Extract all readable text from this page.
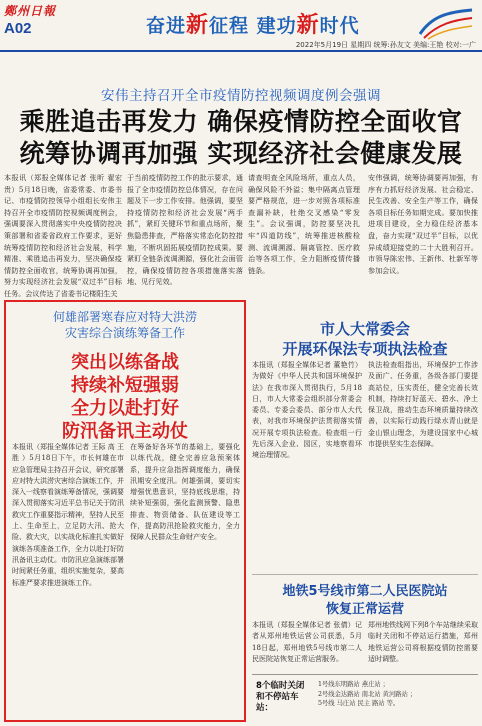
鄭州日報
A02	奋进新征程 建功新时代
2022年5月19日 星期四 统筹:孙友文 美编:王艳 校对:一广
安伟主持召开全市疫情防控视频调度例会强调
乘胜追击再发力 确保疫情防控全面收官
统筹协调再加强 实现经济社会健康发展
本报讯（郑报全媒体记者 张昕 翟宏贵）5月18日晚，省委常委、市委书记、市疫情防控领导小组组长安伟主持召开全市疫情防控视频调度例会，强调要深入贯彻落实中央疫情防控决策部署和省委省政府工作要求，更好统筹疫情防控和经济社会发展，科学精准、乘胜追击再发力，坚决确保疫情防控全面收官，统筹协调再加强，努力实现经济社会发展“双过半”目标任务。会议传达了省委书记楼阳生关
于当前疫情防控工作的批示要求，通报了全市疫情防控总体情况，存在问题及下一步工作安排。他强调，要坚持疫情防控和经济社会发展“两手抓”，紧盯关键环节和重点场所，聚焦隐患排查，严格落实常态化防控措施，不断巩固拓展疫情防控成果。要紧盯全链条流调溯源，强化社会面管控，确保疫情防控各项措施落实落地、见行见效。
请查明查全风险场所，重点人员，确保风险不外溢；集中隔离点管理要严格规范，进一步对照各项标准查漏补缺，杜绝交叉感染“零发生”。会议强调，防控要坚决扎牢“四道防线”，统筹推进核酸检测、流调溯源、隔离管控、医疗救治等各项工作，全力阻断疫情传播链条。
安伟强调，统筹协调要再加强，有序有力抓好经济发展、社会稳定、民生改善、安全生产等工作，确保各项目标任务如期完成。要加快推进项目建设，全力稳住经济基本盘，奋力实现“双过半”目标，以优异成绩迎接党的二十大胜利召开。市领导陈宏伟、王新伟、杜新军等参加会议。
何雄部署寒春应对特大洪涝
灾害综合演练筹备工作
突出以练备战
持续补短强弱
全力以赴打好
防汛备讯主动仗
本报讯（郑报全媒体记者 王际 高 王胜 ）5月18日下午，市长何雄在市应急管理局主持召开会议，研究部署应对特大洪涝灾害综合演练工作，并深入一线察看演练筹备情况，强调要深入贯彻落实习近平总书记关于防汛救灾工作重要指示精神，坚持人民至上、生命至上，立足防大汛、抢大险、救大灾，以实战化标准扎实做好演练各项准备工作，全力以赴打好防汛备讯主动仗。市防汛应急演练部署时间紧任务重，组织实施复杂，要高标准严要求推进演练工作。
在筹备好各环节的基础上，要强化以练代战，健全完善应急预案体系，提升应急指挥调度能力，确保汛期安全度汛。何雄强调，要切实增强忧患意识，坚持底线思维，持续补短强弱，强化监测预警、隐患排查、物资储备、队伍建设等工作，提高防汛抢险救灾能力，全力保障人民群众生命财产安全。
市人大常委会
开展环保法专项执法检查
本报讯（郑报全媒体记者 董艳竹）为做好《中华人民共和国环境保护法》在我市深入贯彻执行，5月18日，市人大常委会组织部分常委会委员、专委会委员、部分市人大代表，对我市环境保护法贯彻落实情况开展专项执法检查。检查组一行先后深入企业、园区，实地察看环境治理情况。
执法检查组指出，环境保护工作涉及面广、任务重，各级各部门要提高站位，压实责任，健全完善长效机制，持续打好蓝天、碧水、净土保卫战，推动生态环境质量持续改善，以实际行动践行绿水青山就是金山银山理念，为建设国家中心城市提供坚实生态保障。
地铁5号线市第二人民医院站
恢复正常运营
本报讯（郑报全媒体记者 张倩）记者从郑州地铁运营公司获悉，5月18日起，郑州地铁5号线市第二人民医院站恢复正常运营服务。
郑州地铁线网下列8个车站继续采取临时关闭和不停站运行措施，郑州地铁运营公司将根据疫情防控需要适时调整。
8个临时关闭
和不停站车站：
1号线东明路站 燕庄站 ；
2号线金达路站 南北站 黄河路站 ；
5号线 马庄站 民主 路站 等。
